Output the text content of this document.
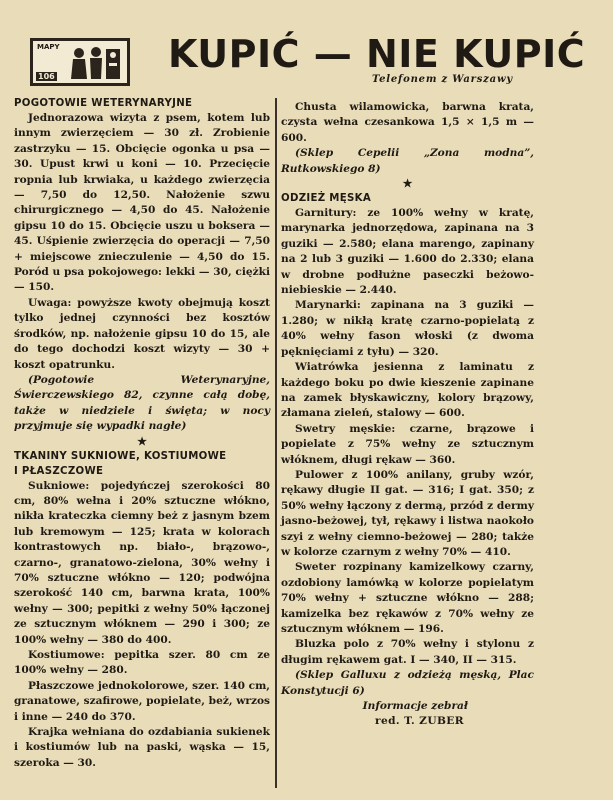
MAPY
106
KUPIĆ — NIE KUPIĆ
Telefonem z Warszawy

POGOTOWIE WETERYNARYJNE

Jednorazowa wizyta z psem, kotem lub innym zwierzęciem — 30 zł. Zrobienie zastrzyku — 15. Obcięcie ogonka u psa — 30. Upust krwi u koni — 10. Przecięcie ropnia lub krwiaka, u każdego zwierzęcia — 7,50 do 12,50. Nałożenie szwu chirurgicznego — 4,50 do 45. Nałożenie gipsu 10 do 15. Obcięcie uszu u boksera — 45. Uśpienie zwierzęcia do operacji — 7,50 + miejscowe znieczulenie — 4,50 do 15. Poród u psa pokojowego: lekki — 30, ciężki — 150.

Uwaga: powyższe kwoty obejmują koszt tylko jednej czynności bez kosztów środków, np. nałożenie gipsu 10 do 15, ale do tego dochodzi koszt wizyty — 30 + koszt opatrunku.

(Pogotowie Weterynaryjne, Świerczewskiego 82, czynne całą dobę, także w niedziele i święta; w nocy przyjmuje się wypadki nagłe)

★

TKANINY SUKNIOWE, KOSTIUMOWE

I PŁASZCZOWE

Sukniowe: pojedyńczej szerokości 80 cm, 80% wełna i 20% sztuczne włókno, nikła krateczka ciemny beż z jasnym bzem lub kremowym — 125; krata w kolorach kontrastowych np. biało-, brązowo-, czarno-, granatowo-zielona, 30% wełny i 70% sztuczne włókno — 120; podwójna szerokość 140 cm, barwna krata, 100% wełny — 300; pepitki z wełny 50% łączonej ze sztucznym włóknem — 290 i 300; ze 100% wełny — 380 do 400.

Kostiumowe: pepitka szer. 80 cm ze 100% wełny — 280.

Płaszczowe jednokolorowe, szer. 140 cm, granatowe, szafirowe, popielate, beż, wrzos i inne — 240 do 370.

Krajka wełniana do ozdabiania sukienek i kostiumów lub na paski, wąska — 15, szeroka — 30.

Chusta wilamowicka, barwna krata, czysta wełna czesankowa 1,5 × 1,5 m — 600.

(Sklep Cepelii „Zona modna”, Rutkowskiego 8)

★

ODZIEŻ MĘSKA

Garnitury: ze 100% wełny w kratę, marynarka jednorzędowa, zapinana na 3 guziki — 2.580; elana marengo, zapinany na 2 lub 3 guziki — 1.600 do 2.330; elana w drobne podłużne paseczki beżowo-niebieskie — 2.440.

Marynarki: zapinana na 3 guziki — 1.280; w nikłą kratę czarno-popielatą z 40% wełny fason włoski (z dwoma pęknięciami z tyłu) — 320.

Wiatrówka jesienna z laminatu z każdego boku po dwie kieszenie zapinane na zamek błyskawiczny, kolory brązowy, złamana zieleń, stalowy — 600.

Swetry męskie: czarne, brązowe i popielate z 75% wełny ze sztucznym włóknem, długi rękaw — 360.

Pulower z 100% anilany, gruby wzór, rękawy długie II gat. — 316; I gat. 350; z 50% wełny łączony z dermą, przód z dermy jasno-beżowej, tył, rękawy i listwa naokoło szyi z wełny ciemno-beżowej — 280; także w kolorze czarnym z wełny 70% — 410.

Sweter rozpinany kamizelkowy czarny, ozdobiony lamówką w kolorze popielatym 70% wełny + sztuczne włókno — 288; kamizelka bez rękawów z 70% wełny ze sztucznym włóknem — 196.

Bluzka polo z 70% wełny i stylonu z długim rękawem gat. I — 340, II — 315.

(Sklep Galluxu z odzieżą męską, Plac Konstytucji 6)

Informacje zebrał

red. T. ZUBER
